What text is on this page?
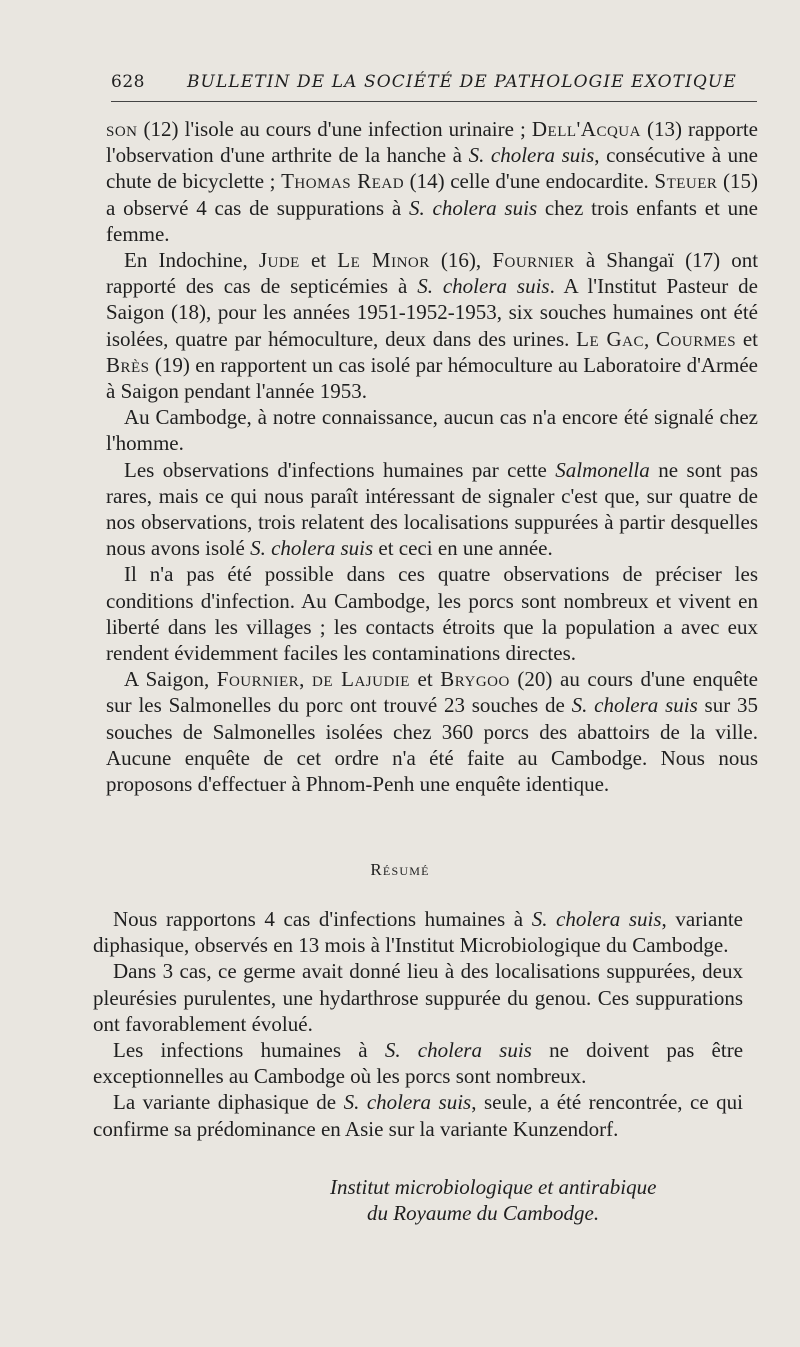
628 BULLETIN DE LA SOCIÉTÉ DE PATHOLOGIE EXOTIQUE

son (12) l'isole au cours d'une infection urinaire ; Dell'Acqua (13) rapporte l'observation d'une arthrite de la hanche à S. cholera suis, consécutive à une chute de bicyclette ; Thomas Read (14) celle d'une endocardite. Steuer (15) a observé 4 cas de suppurations à S. cholera suis chez trois enfants et une femme.

En Indochine, Jude et Le Minor (16), Fournier à Shangaï (17) ont rapporté des cas de septicémies à S. cholera suis. A l'Institut Pasteur de Saigon (18), pour les années 1951-1952-1953, six souches humaines ont été isolées, quatre par hémoculture, deux dans des urines. Le Gac, Courmes et Brès (19) en rapportent un cas isolé par hémoculture au Laboratoire d'Armée à Saigon pendant l'année 1953.

Au Cambodge, à notre connaissance, aucun cas n'a encore été signalé chez l'homme.

Les observations d'infections humaines par cette Salmonella ne sont pas rares, mais ce qui nous paraît intéressant de signaler c'est que, sur quatre de nos observations, trois relatent des localisations suppurées à partir desquelles nous avons isolé S. cholera suis et ceci en une année.

Il n'a pas été possible dans ces quatre observations de préciser les conditions d'infection. Au Cambodge, les porcs sont nombreux et vivent en liberté dans les villages ; les contacts étroits que la population a avec eux rendent évidemment faciles les contaminations directes.

A Saigon, Fournier, de Lajudie et Brygoo (20) au cours d'une enquête sur les Salmonelles du porc ont trouvé 23 souches de S. cholera suis sur 35 souches de Salmonelles isolées chez 360 porcs des abattoirs de la ville. Aucune enquête de cet ordre n'a été faite au Cambodge. Nous nous proposons d'effectuer à Phnom-Penh une enquête identique.

Résumé

Nous rapportons 4 cas d'infections humaines à S. cholera suis, variante diphasique, observés en 13 mois à l'Institut Microbiologique du Cambodge.

Dans 3 cas, ce germe avait donné lieu à des localisations suppurées, deux pleurésies purulentes, une hydarthrose suppurée du genou. Ces suppurations ont favorablement évolué.

Les infections humaines à S. cholera suis ne doivent pas être exceptionnelles au Cambodge où les porcs sont nombreux.

La variante diphasique de S. cholera suis, seule, a été rencontrée, ce qui confirme sa prédominance en Asie sur la variante Kunzendorf.

Institut microbiologique et antirabique
du Royaume du Cambodge.
